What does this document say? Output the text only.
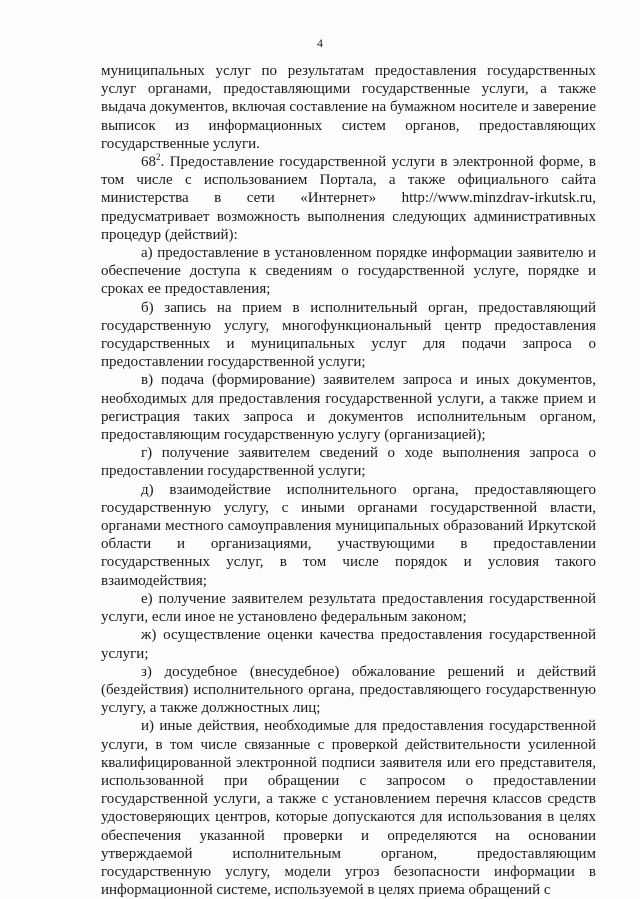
4

муниципальных услуг по результатам предоставления государственных услуг органами, предоставляющими государственные услуги, а также выдача документов, включая составление на бумажном носителе и заверение выписок из информационных систем органов, предоставляющих государственные услуги.

$68^2$. Предоставление государственной услуги в электронной форме, в том числе с использованием Портала, а также официального сайта министерства в сети «Интернет» http://www.minzdrav-irkutsk.ru, предусматривает возможность выполнения следующих административных процедур (действий):

а) предоставление в установленном порядке информации заявителю и обеспечение доступа к сведениям о государственной услуге, порядке и сроках ее предоставления;

б) запись на прием в исполнительный орган, предоставляющий государственную услугу, многофункциональный центр предоставления государственных и муниципальных услуг для подачи запроса о предоставлении государственной услуги;

в) подача (формирование) заявителем запроса и иных документов, необходимых для предоставления государственной услуги, а также прием и регистрация таких запроса и документов исполнительным органом, предоставляющим государственную услугу (организацией);

г) получение заявителем сведений о ходе выполнения запроса о предоставлении государственной услуги;

д) взаимодействие исполнительного органа, предоставляющего государственную услугу, с иными органами государственной власти, органами местного самоуправления муниципальных образований Иркутской области и организациями, участвующими в предоставлении государственных услуг, в том числе порядок и условия такого взаимодействия;

е) получение заявителем результата предоставления государственной услуги, если иное не установлено федеральным законом;

ж) осуществление оценки качества предоставления государственной услуги;

з) досудебное (внесудебное) обжалование решений и действий (бездействия) исполнительного органа, предоставляющего государственную услугу, а также должностных лиц;

и) иные действия, необходимые для предоставления государственной услуги, в том числе связанные с проверкой действительности усиленной квалифицированной электронной подписи заявителя или его представителя, использованной при обращении с запросом о предоставлении государственной услуги, а также с установлением перечня классов средств удостоверяющих центров, которые допускаются для использования в целях обеспечения указанной проверки и определяются на основании утверждаемой исполнительным органом, предоставляющим государственную услугу, модели угроз безопасности информации в информационной системе, используемой в целях приема обращений с
